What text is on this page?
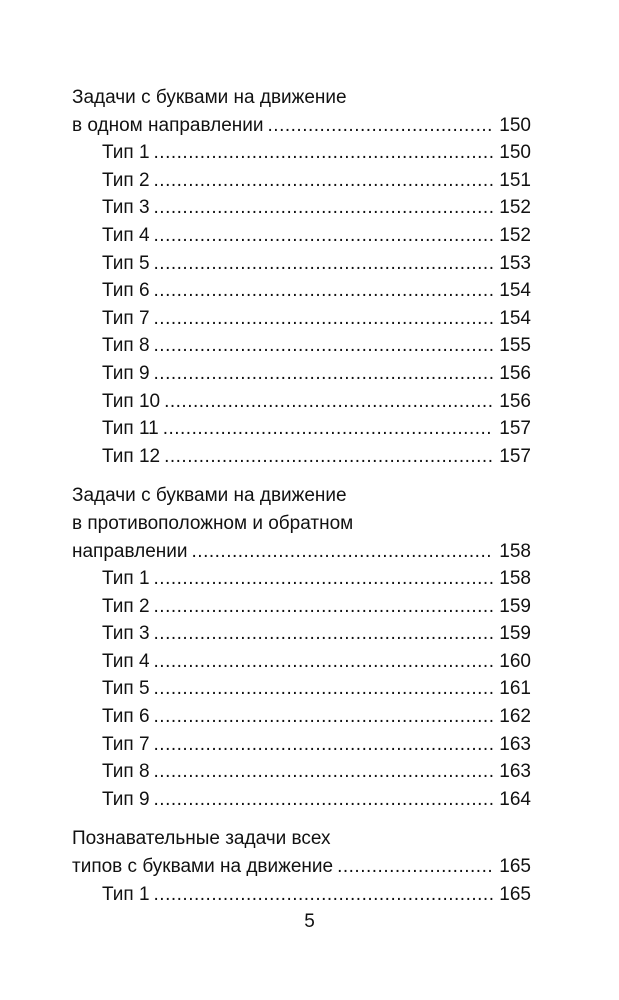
Задачи с буквами на движение
в одном направлении .....	150
Тип 1 .....	150
Тип 2 .....	151
Тип 3 .....	152
Тип 4 .....	152
Тип 5 .....	153
Тип 6 .....	154
Тип 7 .....	154
Тип 8 .....	155
Тип 9 .....	156
Тип 10 .....	156
Тип 11 .....	157
Тип 12 .....	157
Задачи с буквами на движение
в противоположном и обратном
направлении .....	158
Тип 1 .....	158
Тип 2 .....	159
Тип 3 .....	159
Тип 4 .....	160
Тип 5 .....	161
Тип 6 .....	162
Тип 7 .....	163
Тип 8 .....	163
Тип 9 .....	164
Познавательные задачи всех
типов с буквами на движение .....	165
Тип 1 .....	165
5
